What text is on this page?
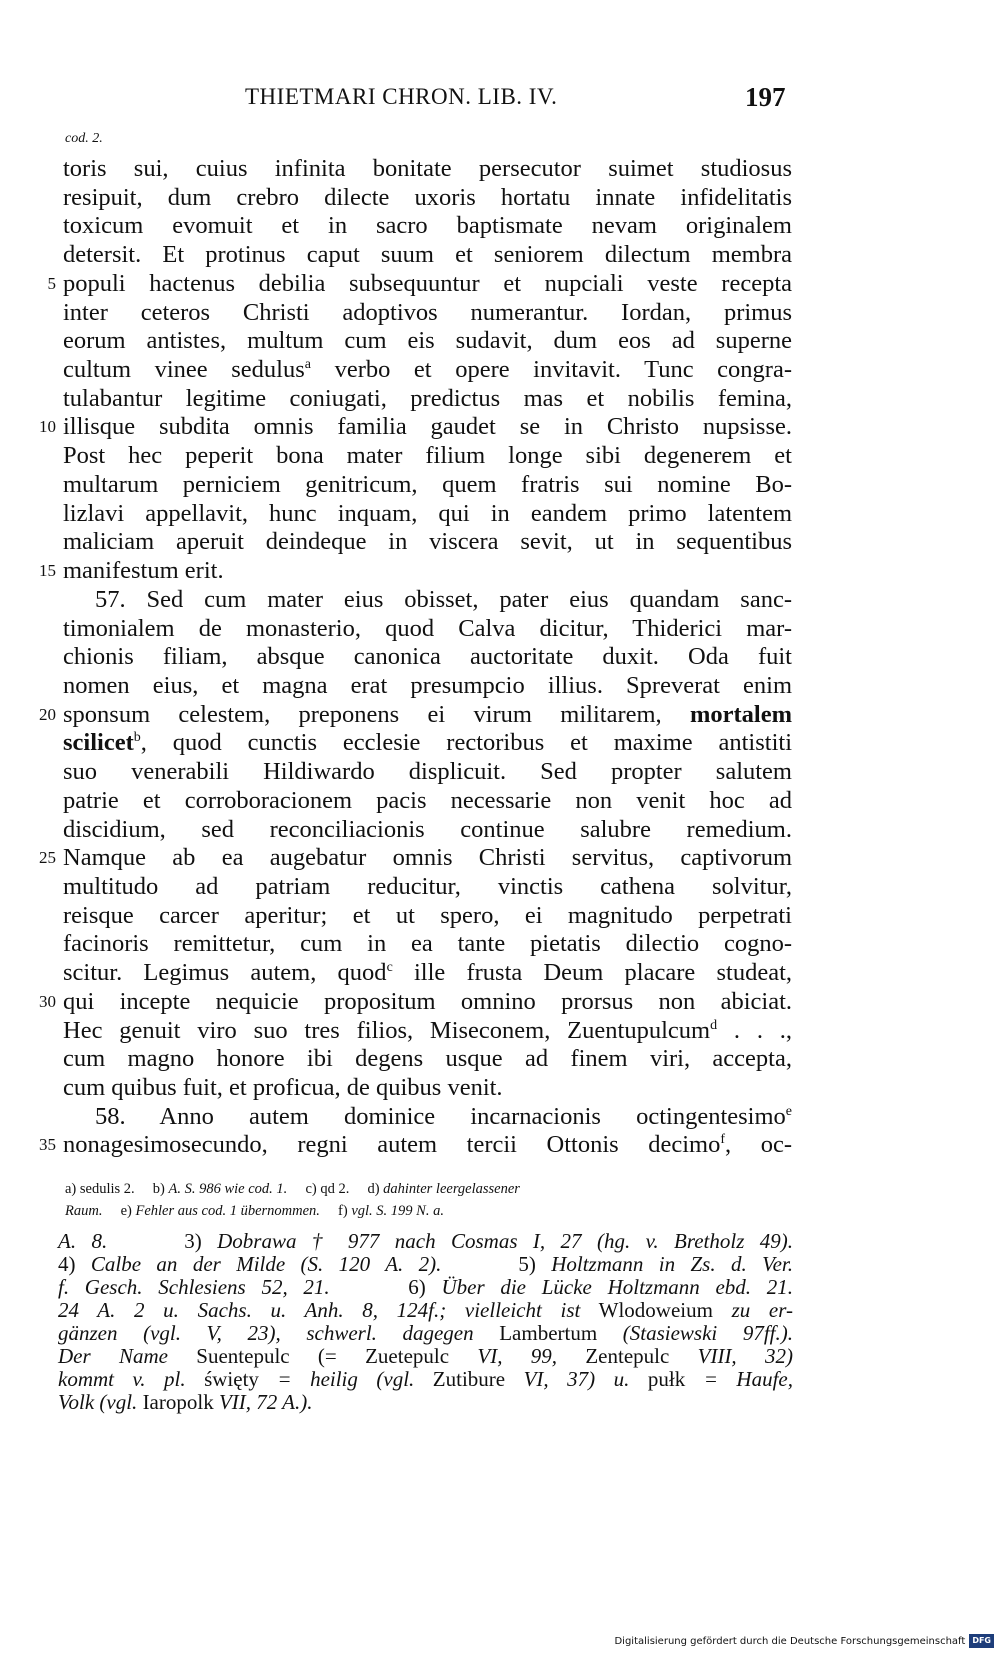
THIETMARI CHRON. LIB. IV.	197
cod. 2.
toris sui, cuius infinita bonitate persecutor suimet studiosus
resipuit, dum crebro dilecte uxoris hortatu innate infidelitatis
toxicum evomuit et in sacro baptismate nevam originalem
detersit. Et protinus caput suum et seniorem dilectum membra
5 populi hactenus debilia subsequuntur et nupciali veste recepta
inter ceteros Christi adoptivos numerantur. Iordan, primus
eorum antistes, multum cum eis sudavit, dum eos ad superne
cultum vinee sedulus$^a$ verbo et opere invitavit. Tunc congra-
tulabantur legitime coniugati, predictus mas et nobilis femina,
10 illisque subdita omnis familia gaudet se in Christo nupsisse.
Post hec peperit bona mater filium longe sibi degenerem et
multarum perniciem genitricum, quem fratris sui nomine Bo-
lizlavi appellavit, hunc inquam, qui in eandem primo latentem
maliciam aperuit deindeque in viscera sevit, ut in sequentibus
15 manifestum erit.
57. Sed cum mater eius obisset, pater eius quandam sanc-
timonialem de monasterio, quod Calva dicitur, Thiderici mar-
chionis filiam, absque canonica auctoritate duxit. Oda fuit
nomen eius, et magna erat presumpcio illius. Spreverat enim
20 sponsum celestem, preponens ei virum militarem, mortalem
scilicet$^b$, quod cunctis ecclesie rectoribus et maxime antistiti
suo venerabili Hildiwardo displicuit. Sed propter salutem
patrie et corroboracionem pacis necessarie non venit hoc ad
discidium, sed reconciliacionis continue salubre remedium.
25 Namque ab ea augebatur omnis Christi servitus, captivorum
multitudo ad patriam reducitur, vinctis cathena solvitur,
reisque carcer aperitur; et ut spero, ei magnitudo perpetrati
facinoris remittetur, cum in ea tante pietatis dilectio cogno-
scitur. Legimus autem, quod$^c$ ille frusta Deum placare studeat,
30 qui incepte nequicie propositum omnino prorsus non abiciat.
Hec genuit viro suo tres filios, Miseconem, Zuentupulcum$^d$ . . .,
cum magno honore ibi degens usque ad finem viri, accepta,
cum quibus fuit, et proficua, de quibus venit.
58. Anno autem dominice incarnacionis octingentesimo$^e$
35 nonagesimosecundo, regni autem tercii Ottonis decimo$^f$, oc-
a) sedulis 2.     b) A. S. 986 wie cod. 1.     c) qd 2.     d) dahinter leergelassener
Raum.     e) Fehler aus cod. 1 übernommen.     f) vgl. S. 199 N. a.
A. 8.     3) Dobrawa † 977 nach Cosmas I, 27 (hg. v. Bretholz 49).
4) Calbe an der Milde (S. 120 A. 2).     5) Holtzmann in Zs. d. Ver.
f. Gesch. Schlesiens 52, 21.     6) Über die Lücke Holtzmann ebd. 21.
24 A. 2 u. Sachs. u. Anh. 8, 124f.; vielleicht ist Wlodoweium zu er-
gänzen (vgl. V, 23), schwerl. dagegen Lambertum (Stasiewski 97ff.).
Der Name Suentepulc (= Zuetepulc VI, 99, Zentepulc VIII, 32)
kommt v. pl. święty = heilig (vgl. Zutibure VI, 37) u. pułk = Haufe,
Volk (vgl. Iaropolk VII, 72 A.).
Digitalisierung gefördert durch die Deutsche Forschungsgemeinschaft DFG
